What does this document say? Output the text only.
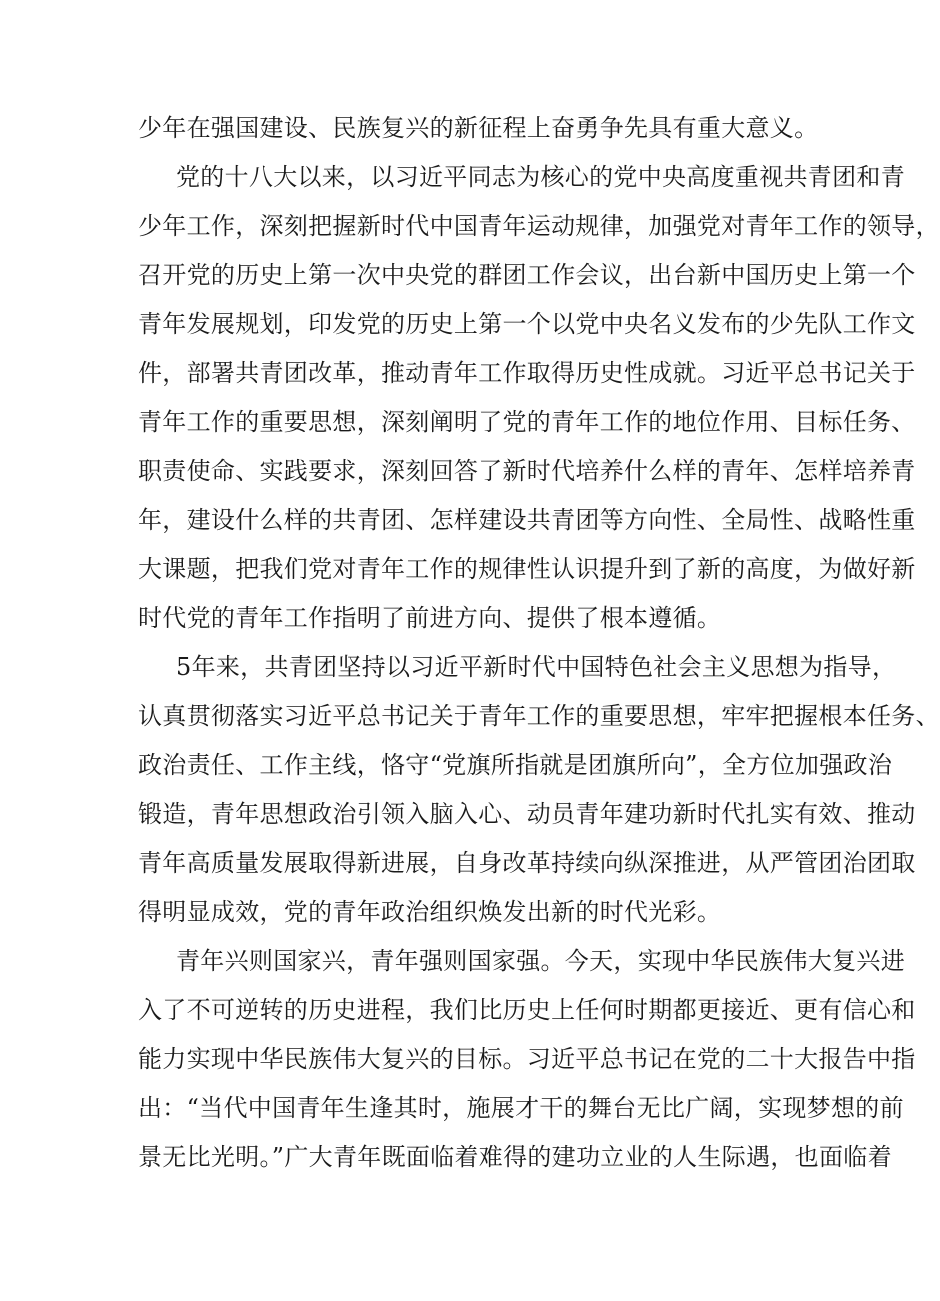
少年在强国建设、民族复兴的新征程上奋勇争先具有重大意义。
党的十八大以来，以习近平同志为核心的党中央高度重视共青团和青
少年工作，深刻把握新时代中国青年运动规律，加强党对青年工作的领导，
召开党的历史上第一次中央党的群团工作会议，出台新中国历史上第一个
青年发展规划，印发党的历史上第一个以党中央名义发布的少先队工作文
件，部署共青团改革，推动青年工作取得历史性成就。习近平总书记关于
青年工作的重要思想，深刻阐明了党的青年工作的地位作用、目标任务、
职责使命、实践要求，深刻回答了新时代培养什么样的青年、怎样培养青
年，建设什么样的共青团、怎样建设共青团等方向性、全局性、战略性重
大课题，把我们党对青年工作的规律性认识提升到了新的高度，为做好新
时代党的青年工作指明了前进方向、提供了根本遵循。
5年来，共青团坚持以习近平新时代中国特色社会主义思想为指导，
认真贯彻落实习近平总书记关于青年工作的重要思想，牢牢把握根本任务、
政治责任、工作主线，恪守“党旗所指就是团旗所向”，全方位加强政治
锻造，青年思想政治引领入脑入心、动员青年建功新时代扎实有效、推动
青年高质量发展取得新进展，自身改革持续向纵深推进，从严管团治团取
得明显成效，党的青年政治组织焕发出新的时代光彩。
青年兴则国家兴，青年强则国家强。今天，实现中华民族伟大复兴进
入了不可逆转的历史进程，我们比历史上任何时期都更接近、更有信心和
能力实现中华民族伟大复兴的目标。习近平总书记在党的二十大报告中指
出：“当代中国青年生逢其时，施展才干的舞台无比广阔，实现梦想的前
景无比光明。”广大青年既面临着难得的建功立业的人生际遇，也面临着
